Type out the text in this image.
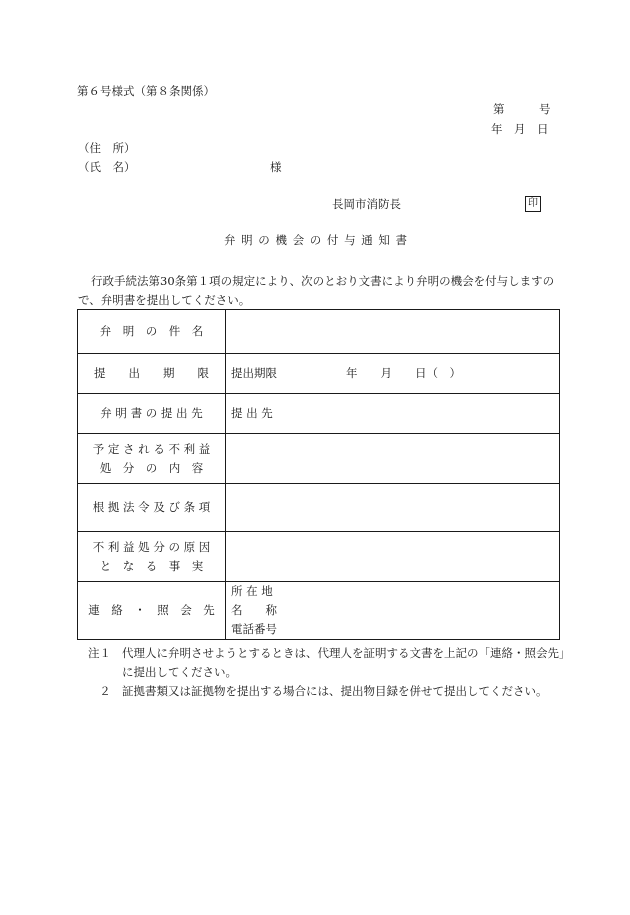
第６号様式（第８条関係）
第　　　号
年　月　日
（住　所）
（氏　名）	様
長岡市消防長	印
弁 明 の 機 会 の 付 与 通 知 書
行政手続法第30条第１項の規定により、次のとおり文書により弁明の機会を付与しますので、弁明書を提出してください。
弁　明　の　件　名	

提　　出　　期　　限	提出期限　　　　　　年　　月　　日（　）

弁 明 書 の 提 出 先	提 出 先

予 定 さ れ る 不 利 益
処　分　の　内　容	

根 拠 法 令 及 び 条 項	

不 利 益 処 分 の 原 因
と　な　る　事　実	

連　絡　・　照　会　先	所 在 地
名　　称
電話番号
注１ 代理人に弁明させようとするときは、代理人を証明する文書を上記の「連絡・照会先」に提出してください。
２ 証拠書類又は証拠物を提出する場合には、提出物目録を併せて提出してください。
